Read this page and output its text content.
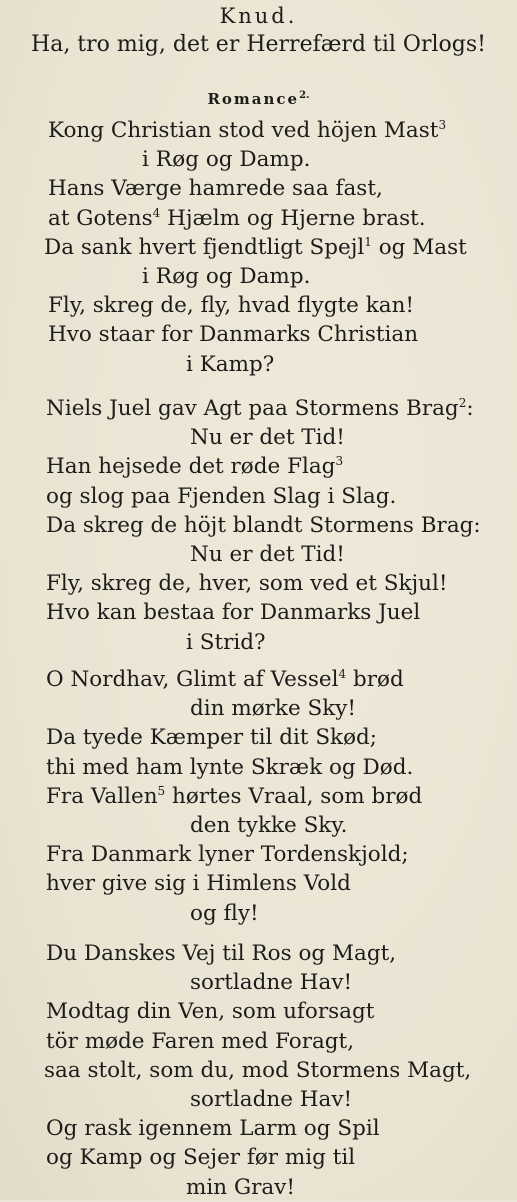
Knud.
Ha, tro mig, det er Herrefærd til Orlogs!
Romance$^{2.}$
Kong Christian stod ved höjen Mast$^3$
i Røg og Damp.
Hans Værge hamrede saa fast,
at Gotens$^4$ Hjælm og Hjerne brast.
Da sank hvert fjendtligt Spejl$^1$ og Mast
i Røg og Damp.
Fly, skreg de, fly, hvad flygte kan!
Hvo staar for Danmarks Christian
i Kamp?
Niels Juel gav Agt paa Stormens Brag$^2$:
Nu er det Tid!
Han hejsede det røde Flag$^3$
og slog paa Fjenden Slag i Slag.
Da skreg de höjt blandt Stormens Brag:
Nu er det Tid!
Fly, skreg de, hver, som ved et Skjul!
Hvo kan bestaa for Danmarks Juel
i Strid?
O Nordhav, Glimt af Vessel$^4$ brød
din mørke Sky!
Da tyede Kæmper til dit Skød;
thi med ham lynte Skræk og Død.
Fra Vallen$^5$ hørtes Vraal, som brød
den tykke Sky.
Fra Danmark lyner Tordenskjold;
hver give sig i Himlens Vold
og fly!
Du Danskes Vej til Ros og Magt,
sortladne Hav!
Modtag din Ven, som uforsagt
tör møde Faren med Foragt,
saa stolt, som du, mod Stormens Magt,
sortladne Hav!
Og rask igennem Larm og Spil
og Kamp og Sejer før mig til
min Grav!
